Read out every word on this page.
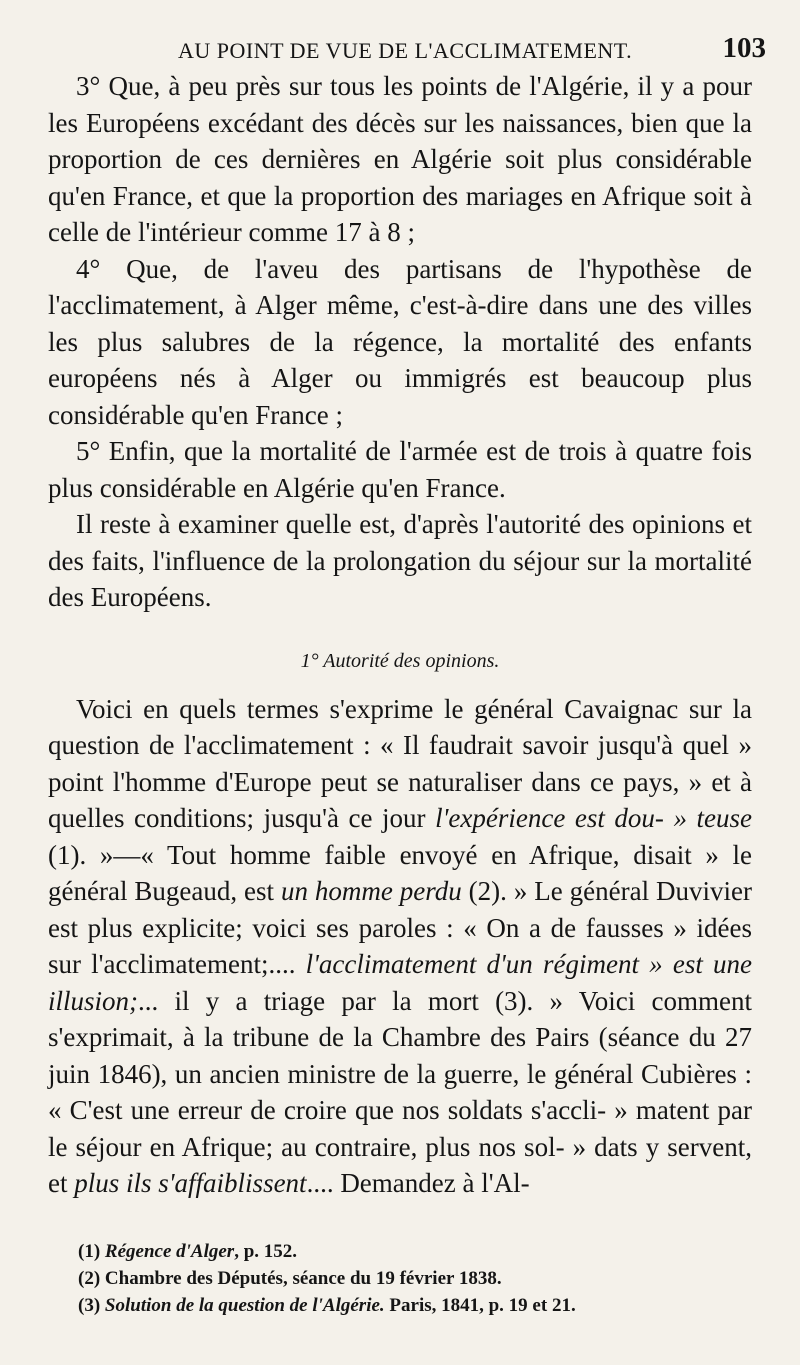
AU POINT DE VUE DE L'ACCLIMATEMENT.	103

3° Que, à peu près sur tous les points de l'Algérie, il y a pour les Européens excédant des décès sur les naissances, bien que la proportion de ces dernières en Algérie soit plus considérable qu'en France, et que la proportion des mariages en Afrique soit à celle de l'intérieur comme 17 à 8 ;

4° Que, de l'aveu des partisans de l'hypothèse de l'acclimatement, à Alger même, c'est-à-dire dans une des villes les plus salubres de la régence, la mortalité des enfants européens nés à Alger ou immigrés est beaucoup plus considérable qu'en France ;

5° Enfin, que la mortalité de l'armée est de trois à quatre fois plus considérable en Algérie qu'en France.

Il reste à examiner quelle est, d'après l'autorité des opinions et des faits, l'influence de la prolongation du séjour sur la mortalité des Européens.

1° Autorité des opinions.

Voici en quels termes s'exprime le général Cavaignac sur la question de l'acclimatement : « Il faudrait savoir jusqu'à quel » point l'homme d'Europe peut se naturaliser dans ce pays, » et à quelles conditions; jusqu'à ce jour l'expérience est dou- » teuse (1). »—« Tout homme faible envoyé en Afrique, disait » le général Bugeaud, est un homme perdu (2). » Le général Duvivier est plus explicite; voici ses paroles : « On a de fausses » idées sur l'acclimatement;.... l'acclimatement d'un régiment » est une illusion;... il y a triage par la mort (3). » Voici comment s'exprimait, à la tribune de la Chambre des Pairs (séance du 27 juin 1846), un ancien ministre de la guerre, le général Cubières : « C'est une erreur de croire que nos soldats s'accli- » matent par le séjour en Afrique; au contraire, plus nos sol- » dats y servent, et plus ils s'affaiblissent.... Demandez à l'Al-

(1) Régence d'Alger, p. 152.
(2) Chambre des Députés, séance du 19 février 1838.
(3) Solution de la question de l'Algérie. Paris, 1841, p. 19 et 21.
